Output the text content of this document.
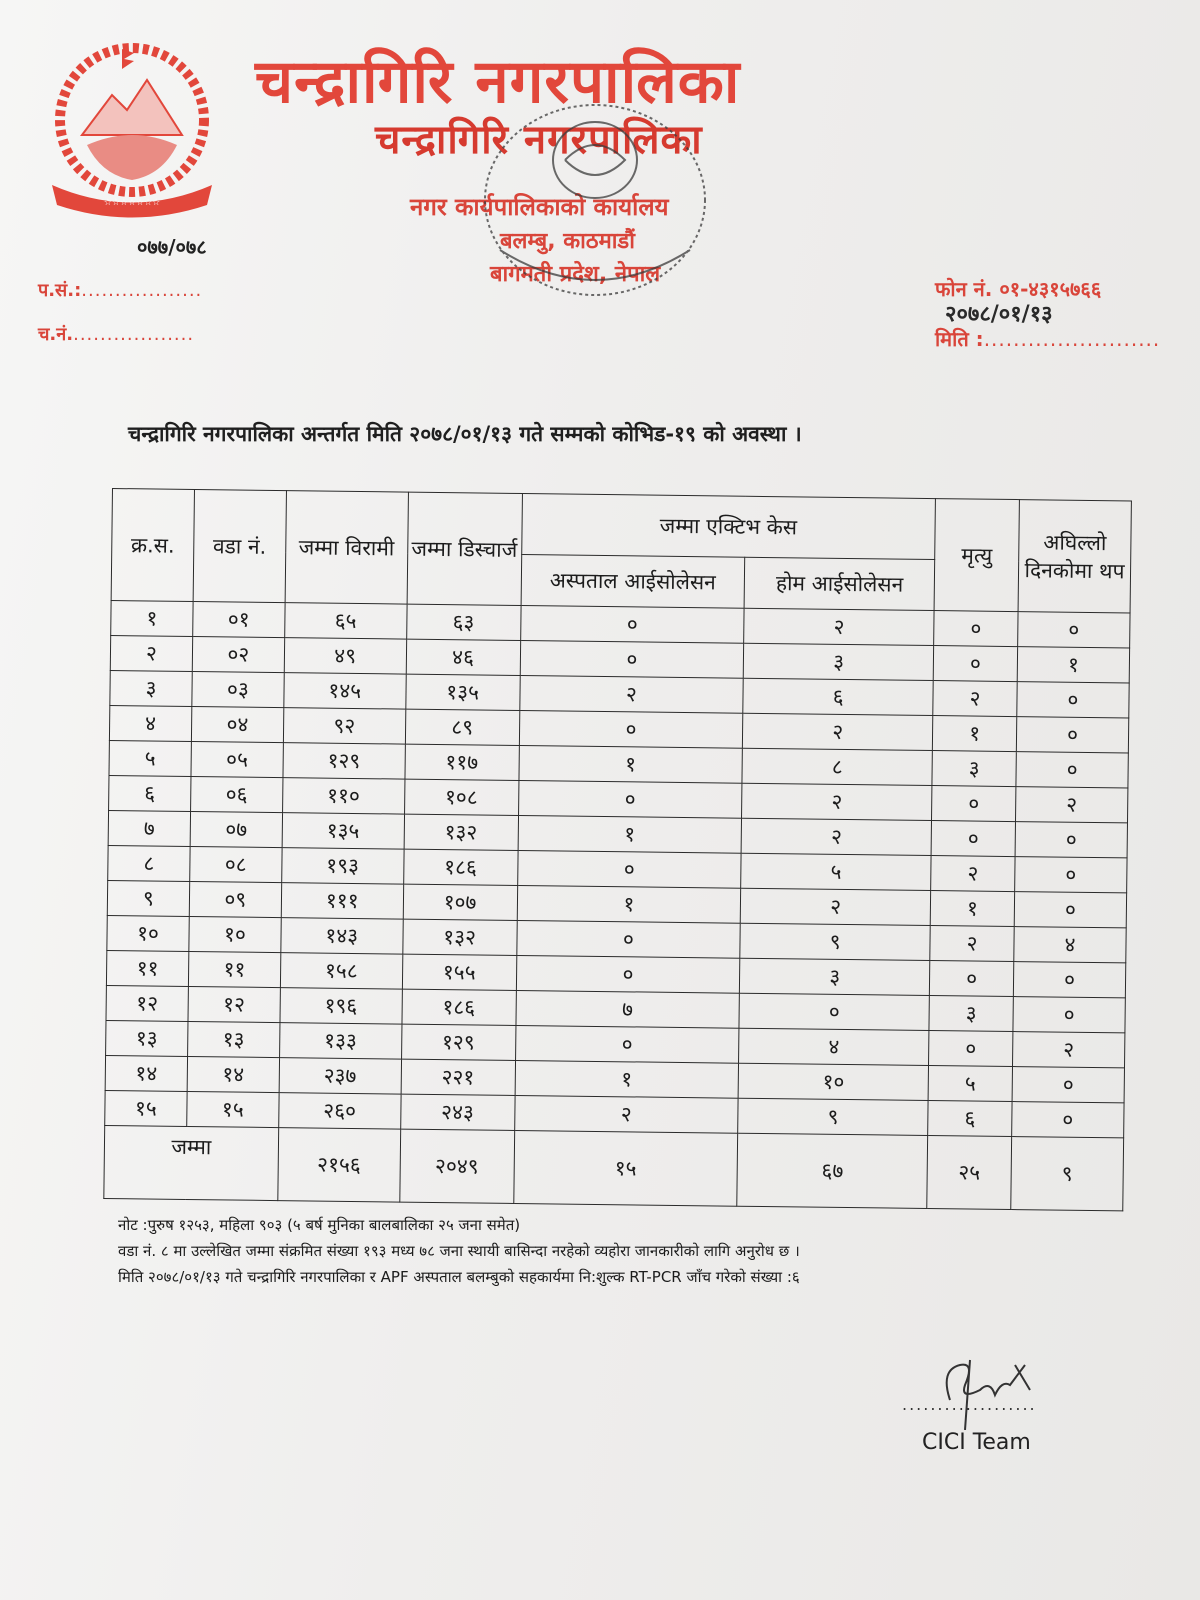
☆☆☆☆☆☆☆
चन्द्रागिरि नगरपालिका
चन्द्रागिरि नगरपालिका
नगर कार्यपालिकाको कार्यालय
बलम्बु, काठमाडौं
बागमती प्रदेश, नेपाल
०७७/०७८
प.सं.:..................
च.नं...................
फोन नं. ०१-४३१५७६६
२०७८/०१/१३
मिति :........................
चन्द्रागिरि नगरपालिका अन्तर्गत मिति २०७८/०१/१३ गते सम्मको कोभिड-१९ को अवस्था ।
क्र.स.	वडा नं.	जम्मा विरामी	जम्मा डिस्चार्ज	जम्मा एक्टिभ केस		मृत्यु	अघिल्लो दिनकोमा थप
				अस्पताल आईसोलेसन	होम आईसोलेसन		
१	०१	६५	६३	०	२	०	०
२	०२	४९	४६	०	३	०	१
३	०३	१४५	१३५	२	६	२	०
४	०४	९२	८९	०	२	१	०
५	०५	१२९	११७	१	८	३	०
६	०६	११०	१०८	०	२	०	२
७	०७	१३५	१३२	१	२	०	०
८	०८	१९३	१८६	०	५	२	०
९	०९	१११	१०७	१	२	१	०
१०	१०	१४३	१३२	०	९	२	४
११	११	१५८	१५५	०	३	०	०
१२	१२	१९६	१८६	७	०	३	०
१३	१३	१३३	१२९	०	४	०	२
१४	१४	२३७	२२१	१	१०	५	०
१५	१५	२६०	२४३	२	९	६	०
जम्मा		२१५६	२०४९	१५	६७	२५	९
नोट :पुरुष १२५३, महिला ९०३ (५ बर्ष मुनिका बालबालिका २५ जना समेत)
वडा नं. ८ मा उल्लेखित जम्मा संक्रमित संख्या १९३ मध्य ७८ जना स्थायी बासिन्दा नरहेको व्यहोरा जानकारीको लागि अनुरोध छ ।
मिति २०७८/०१/१३ गते चन्द्रागिरि नगरपालिका र APF अस्पताल बलम्बुको सहकार्यमा नि:शुल्क RT-PCR जाँच गरेको संख्या :६
...................
CICI Team
